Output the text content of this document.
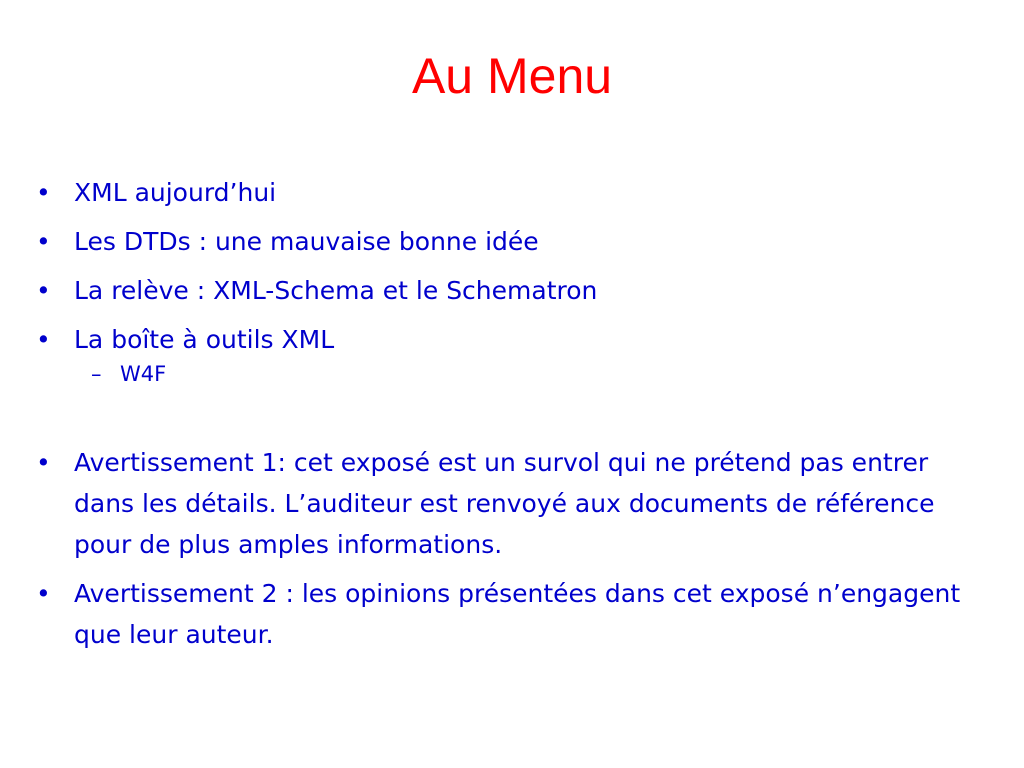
Au Menu
• XML aujourd’hui
• Les DTDs : une mauvaise bonne idée
• La relève : XML-Schema et le Schematron
• La boîte à outils XML
– W4F
• Avertissement 1: cet exposé est un survol qui ne prétend pas entrer dans les détails. L’auditeur est renvoyé aux documents de référence pour de plus amples informations.
• Avertissement 2 : les opinions présentées dans cet exposé n’engagent que leur auteur.
